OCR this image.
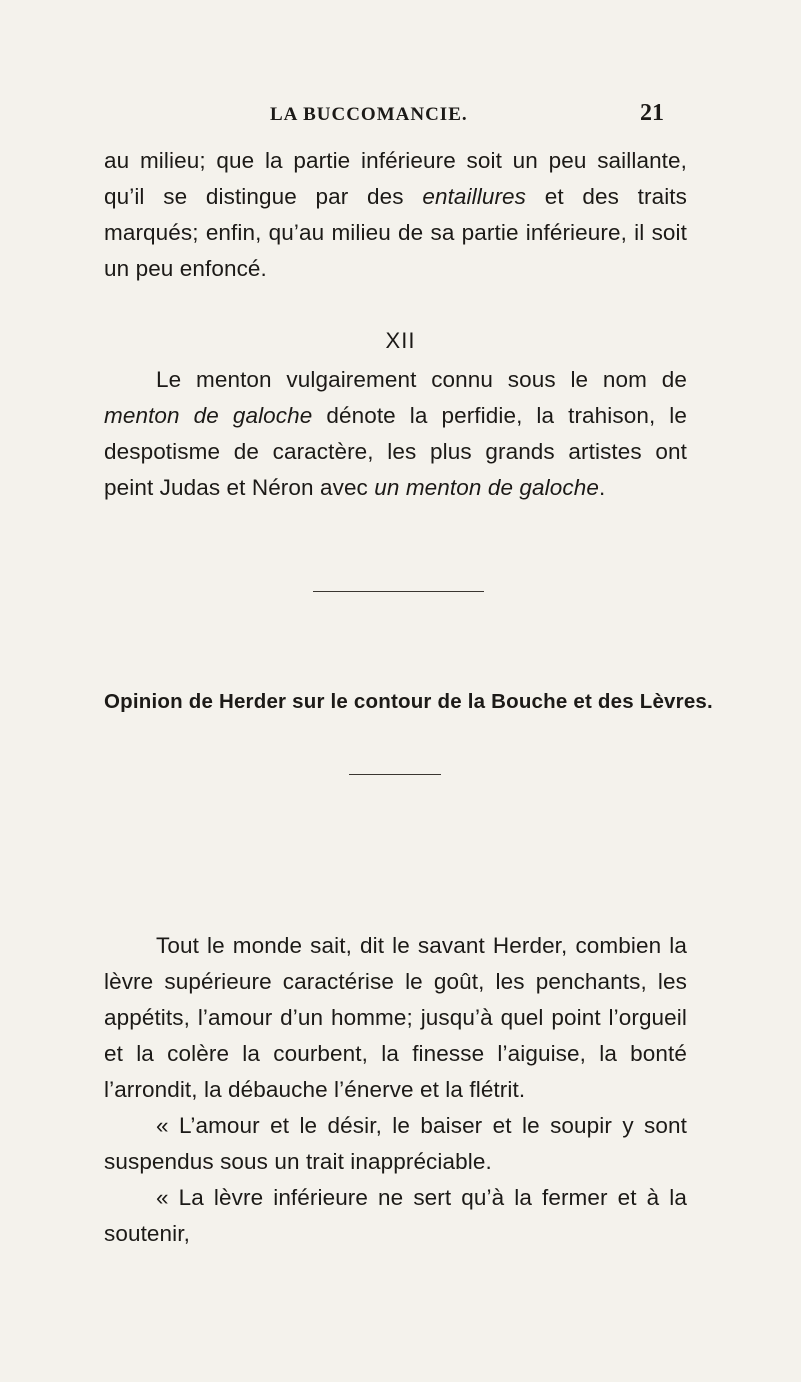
LA BUCCOMANCIE.	21

au milieu; que la partie inférieure soit un peu saillante, qu’il se distingue par des entaillures et des traits marqués; enfin, qu’au milieu de sa partie inférieure, il soit un peu enfoncé.

XII

Le menton vulgairement connu sous le nom de menton de galoche dénote la perfidie, la trahison, le despotisme de caractère, les plus grands artistes ont peint Judas et Néron avec un menton de galoche.

Opinion de Herder sur le contour de la Bouche et des Lèvres.

Tout le monde sait, dit le savant Herder, combien la lèvre supérieure caractérise le goût, les penchants, les appétits, l’amour d’un homme; jusqu’à quel point l’orgueil et la colère la courbent, la finesse l’aiguise, la bonté l’arrondit, la débauche l’énerve et la flétrit.

« L’amour et le désir, le baiser et le soupir y sont suspendus sous un trait inappréciable.

« La lèvre inférieure ne sert qu’à la fermer et à la soutenir,
